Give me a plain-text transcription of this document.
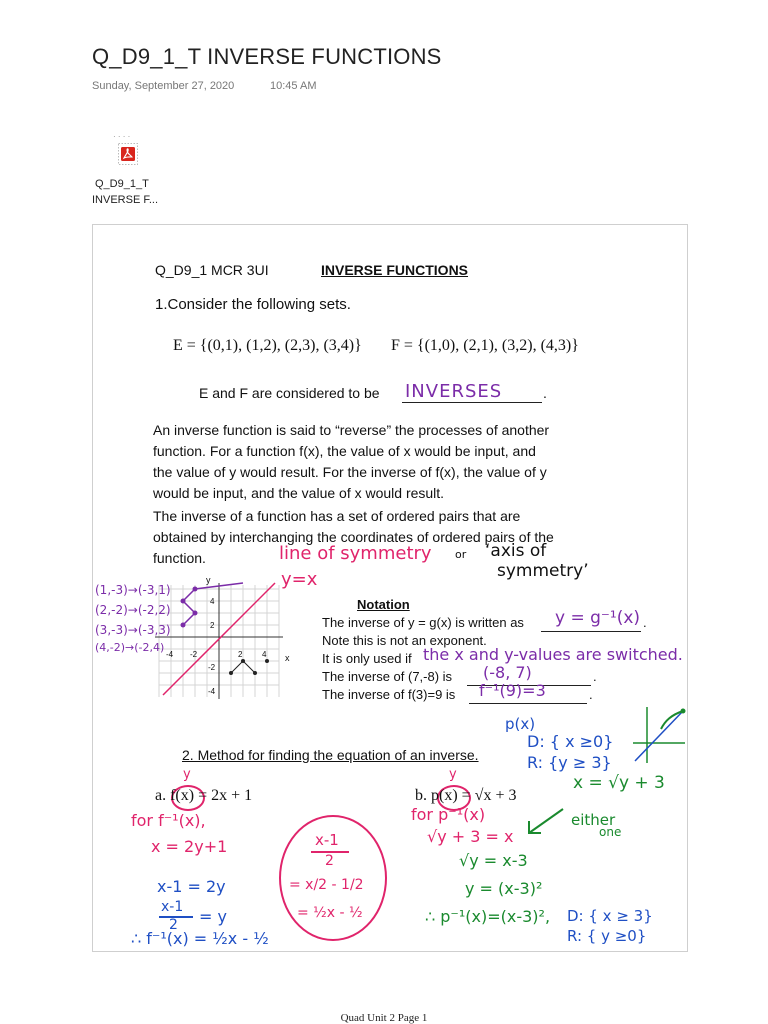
Q_D9_1_T INVERSE FUNCTIONS
Sunday, September 27, 2020	10:45 AM
· · · ·
Q_D9_1_T
INVERSE F...
Q_D9_1 MCR 3UI	INVERSE FUNCTIONS
1.Consider the following sets.
E = {(0,1), (1,2), (2,3), (3,4)} F = {(1,0), (2,1), (3,2), (4,3)}
E and F are considered to be	.
INVERSES
An inverse function is said to “reverse” the processes of another
function. For a function f(x), the value of x would be input, and
the value of y would result. For the inverse of f(x), the value of y
would be input, and the value of x would result.
The inverse of a function has a set of ordered pairs that are
obtained by interchanging the coordinates of ordered pairs of the
function.	line of symmetry or ‘axis of
symmetry’
y=x
y
x
-4 -2	2 4
4
2
-2
-4
(1,-3)→(-3,1)
(2,-2)→(-2,2)
(3,-3)→(-3,3)
(4,-2)→(-2,4)
Notation
The inverse of y = g(x) is written as	.
y = g⁻¹(x)
Note this is not an exponent.
It is only used if the x and y-values are switched.
The inverse of (7,-8) is	.
(-8, 7)
The inverse of f(3)=9 is	.
f⁻¹(9)=3
p(x)
D: { x ≥0}
R: {y ≥ 3}
x = √y + 3
2. Method for finding the equation of an inverse.
y	y
a. f(x) = 2x + 1	b. p(x) = √x + 3
for f⁻¹(x),
x = 2y+1
for p⁻¹(x)
√y + 3 = x
either
one
√y = x-3
y = (x-3)²
∴ p⁻¹(x)=(x-3)², D: { x ≥ 3}
R: { y ≥0}
x-1 = 2y
x-1
2 = y
∴ f⁻¹(x) = ½x - ½
x-1
2
= x/2 - 1/2
= ½x - ½
Quad Unit 2 Page 1
